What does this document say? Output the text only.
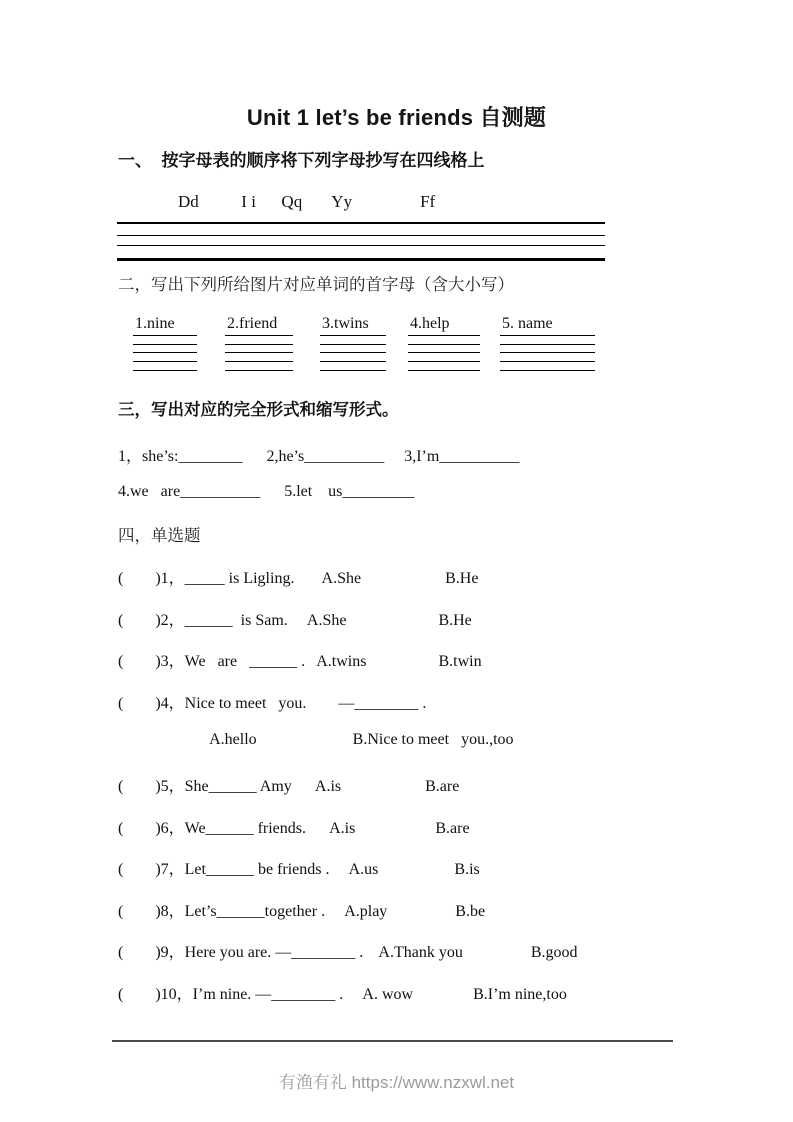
Unit 1 let’s be friends 自测题
一、  按字母表的顺序将下列字母抄写在四线格上
Dd          I i      Qq       Yy                Ff
二，写出下列所给图片对应单词的首字母（含大小写）
1.nine	2.friend	3.twins	4.help	5. name
三，写出对应的完全形式和缩写形式。
1，she’s:________      2,he’s__________     3,I’m__________
4.we   are__________      5.let    us_________
四，单选题
(        )1，_____ is Ligling.       A.She                     B.He
(        )2，______  is Sam.     A.She                       B.He
(        )3，We   are   ______ .   A.twins                  B.twin
(        )4，Nice to meet   you.        —________ .
A.hello                        B.Nice to meet   you.,too
(        )5，She______ Amy      A.is                     B.are
(        )6，We______ friends.      A.is                    B.are
(        )7，Let______ be friends .     A.us                   B.is
(        )8，Let’s______together .     A.play                 B.be
(        )9，Here you are. —________ .    A.Thank you                 B.good
(        )10，I’m nine. —________ .     A. wow               B.I’m nine,too
有渔有礼 https://www.nzxwl.net
